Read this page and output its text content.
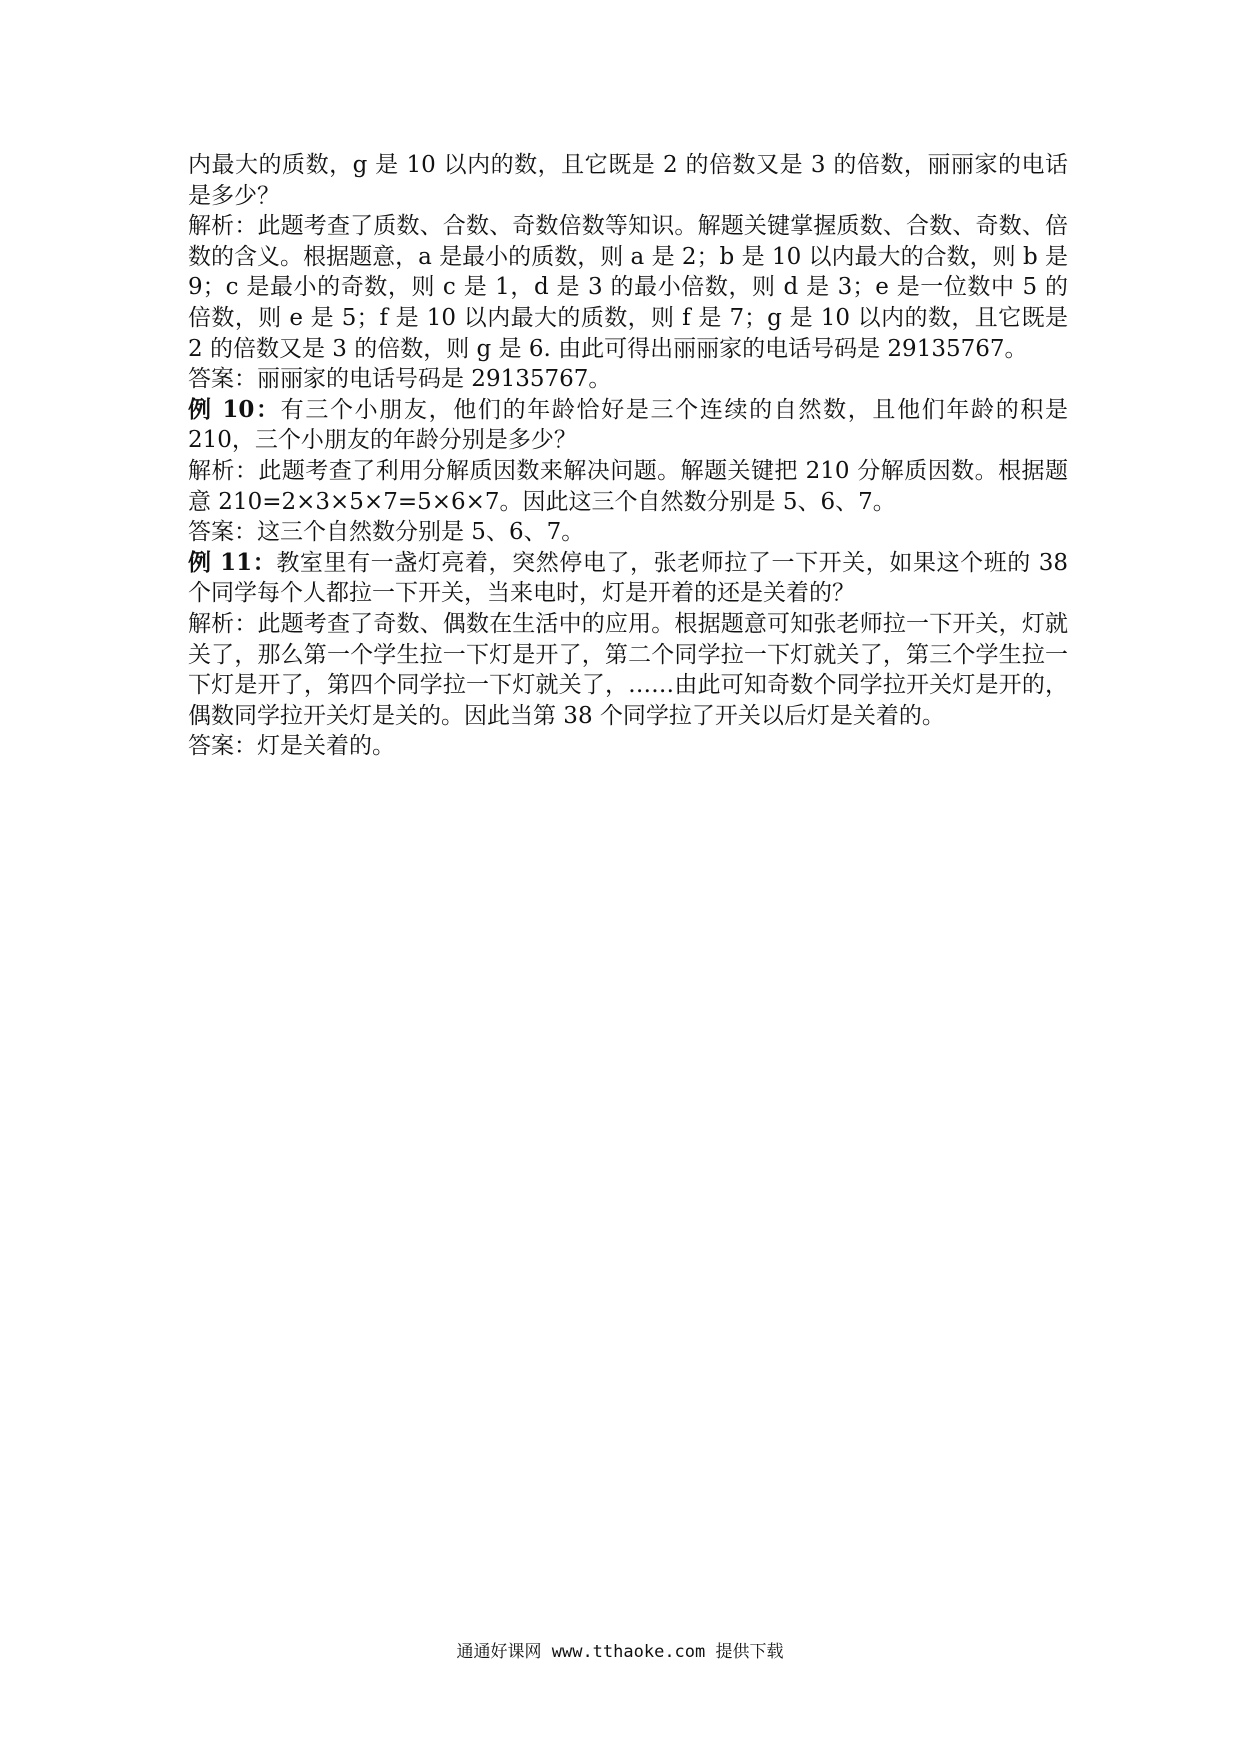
内最大的质数，g 是 10 以内的数，且它既是 2 的倍数又是 3 的倍数，丽丽家的电话是多少？

解析：此题考查了质数、合数、奇数倍数等知识。解题关键掌握质数、合数、奇数、倍数的含义。根据题意，a 是最小的质数，则 a 是 2；b 是 10 以内最大的合数，则 b 是 9；c 是最小的奇数，则 c 是 1，d 是 3 的最小倍数，则 d 是 3；e 是一位数中 5 的倍数，则 e 是 5；f 是 10 以内最大的质数，则 f 是 7；g 是 10 以内的数，且它既是 2 的倍数又是 3 的倍数，则 g 是 6. 由此可得出丽丽家的电话号码是 29135767。

答案：丽丽家的电话号码是 29135767。

例 10：有三个小朋友，他们的年龄恰好是三个连续的自然数，且他们年龄的积是 210，三个小朋友的年龄分别是多少？

解析：此题考查了利用分解质因数来解决问题。解题关键把 210 分解质因数。根据题意 210=2×3×5×7=5×6×7。因此这三个自然数分别是 5、6、7。

答案：这三个自然数分别是 5、6、7。

例 11：教室里有一盏灯亮着，突然停电了，张老师拉了一下开关，如果这个班的 38 个同学每个人都拉一下开关，当来电时，灯是开着的还是关着的？

解析：此题考查了奇数、偶数在生活中的应用。根据题意可知张老师拉一下开关，灯就关了，那么第一个学生拉一下灯是开了，第二个同学拉一下灯就关了，第三个学生拉一下灯是开了，第四个同学拉一下灯就关了，……由此可知奇数个同学拉开关灯是开的，偶数同学拉开关灯是关的。因此当第 38 个同学拉了开关以后灯是关着的。

答案：灯是关着的。

通通好课网 www.tthaoke.com 提供下载
